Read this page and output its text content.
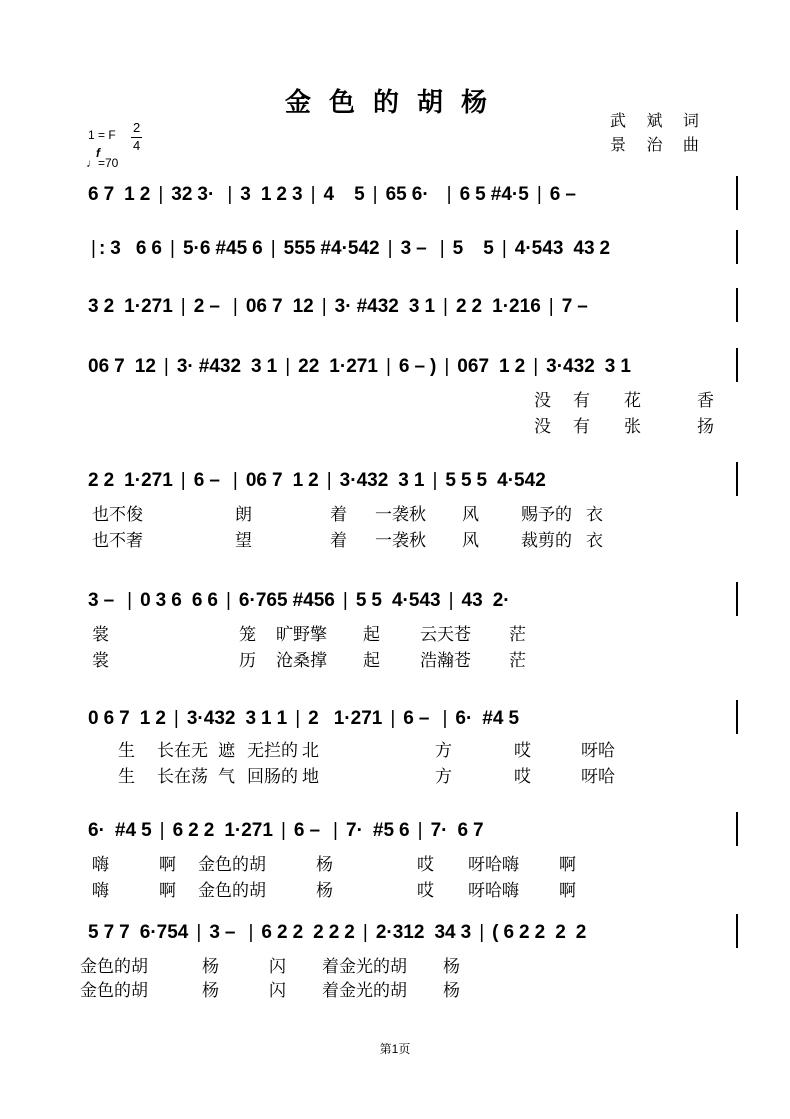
金色的胡杨
武 斌 词
景 治 曲
1 = F 2
4
♩=70
f
6 7 1 2 | 32 3· | 3 1 2 3 | 4 5 | 65 6· | 6 5 #4·5 | 6 –
| : 3 6 6 | 5·6 #45 6 | 555 #4·542 | 3 – | 5 5 | 4·543 43 2
3 2 1·271 | 2 – | 06 7 12 | 3· #432 3 1 | 2 2 1·216 | 7 –
06 7 12 | 3· #432 3 1 | 22 1·271 | 6 – ) | 067 1 2 | 3·432 3 1
没 有 花	香
没 有 张	扬
2 2 1·271 | 6 – | 06 7 1 2 | 3·432 3 1 | 5 5 5 4·542
也不俊	朗	着 一袭秋 风 赐予的 衣
也不奢	望	着 一袭秋 风 裁剪的 衣
3 – | 0 3 6 6 6 | 6·765 #456 | 5 5 4·543 | 43 2·
裳	笼 旷野擎 起 云天苍 茫
裳	历 沧桑撑 起 浩瀚苍 茫
0 6 7 1 2 | 3·432 3 1 1 | 2 1·271 | 6 – | 6· #4 5
生 长在无 遮 无拦的 北	方	哎	呀哈
生 长在荡 气 回肠的 地	方	哎	呀哈
6· #4 5 | 6 2 2 1·271 | 6 – | 7· #5 6 | 7· 6 7
嗨	啊 金色的胡	杨	哎 呀哈嗨 啊
嗨	啊 金色的胡	杨	哎 呀哈嗨 啊
5 7 7 6·754 | 3 – | 6 2 2 2 2 2 | 2·312 34 3 | ( 6 2 2 2 2
金色的胡	杨	闪 着金光的胡 杨
金色的胡	杨	闪 着金光的胡 杨
第1页
